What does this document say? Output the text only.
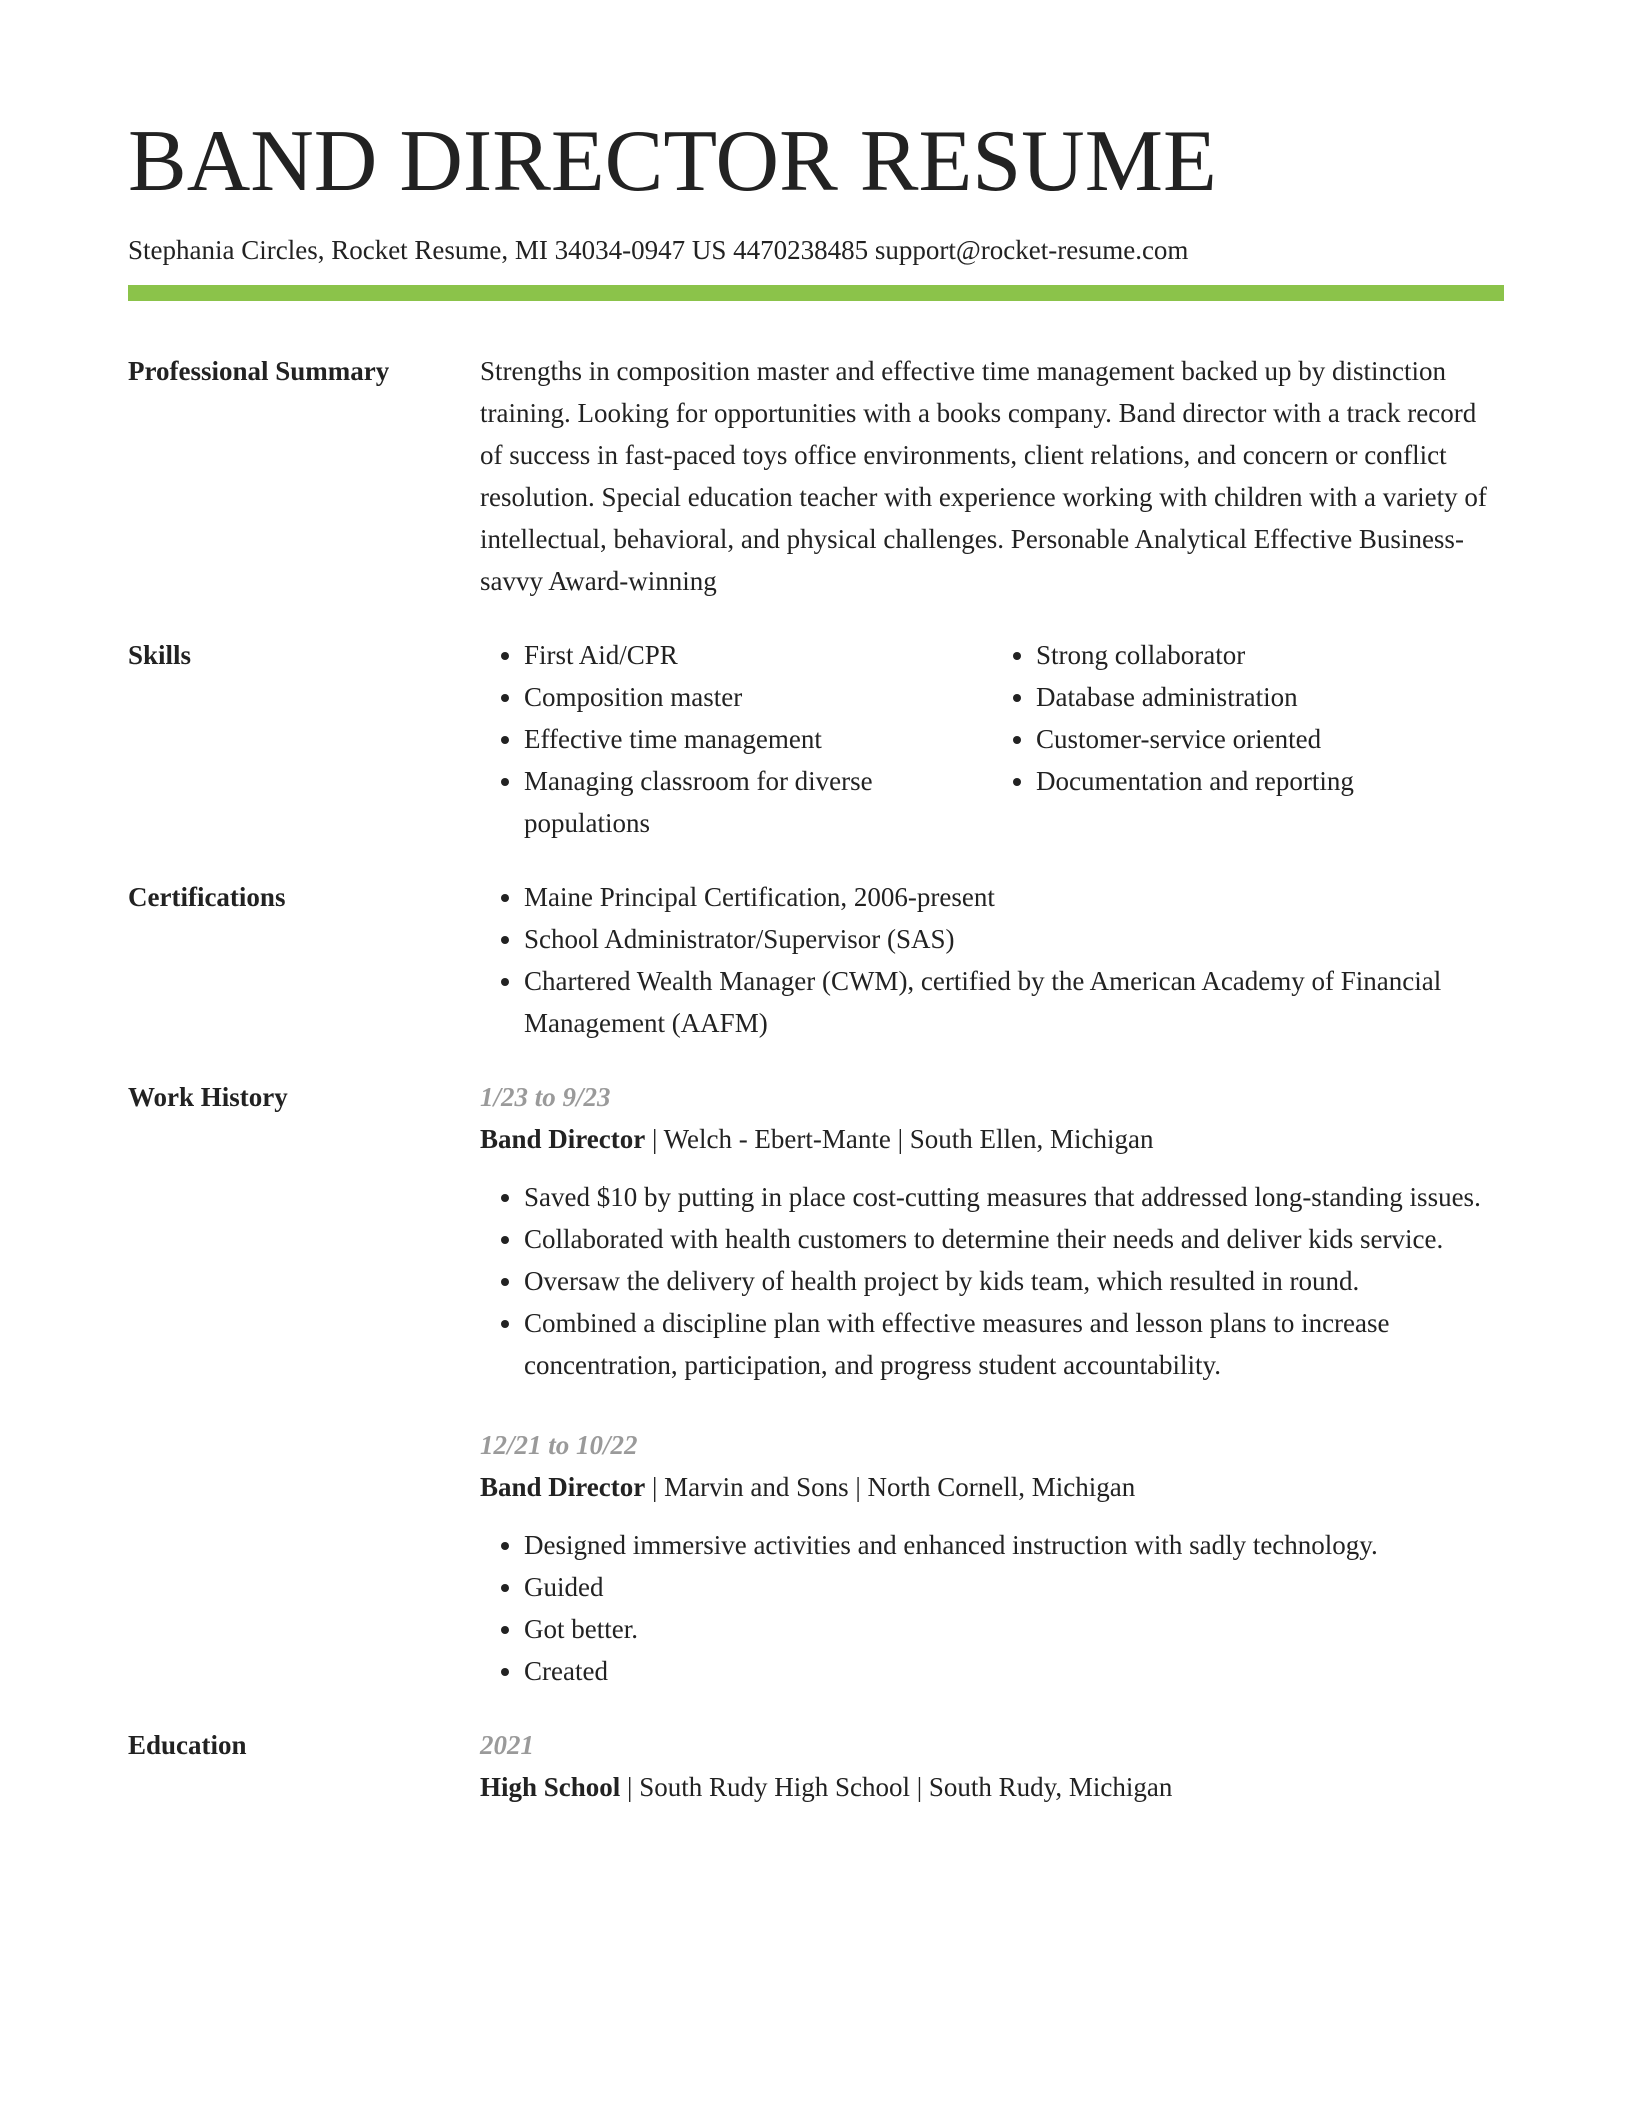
BAND DIRECTOR RESUME
Stephania Circles, Rocket Resume, MI 34034-0947 US 4470238485 support@rocket-resume.com
Professional Summary	Strengths in composition master and effective time management backed up by distinction training. Looking for opportunities with a books company. Band director with a track record of success in fast-paced toys office environments, client relations, and concern or conflict resolution. Special education teacher with experience working with children with a variety of intellectual, behavioral, and physical challenges. Personable Analytical Effective Business-savvy Award-winning
Skills	• First Aid/CPR
• Composition master
• Effective time management
• Managing classroom for diverse populations
• Strong collaborator
• Database administration
• Customer-service oriented
• Documentation and reporting
Certifications	• Maine Principal Certification, 2006-present
• School Administrator/Supervisor (SAS)
• Chartered Wealth Manager (CWM), certified by the American Academy of Financial Management (AAFM)
Work History	1/23 to 9/23
Band Director | Welch - Ebert-Mante | South Ellen, Michigan
• Saved $10 by putting in place cost-cutting measures that addressed long-standing issues.
• Collaborated with health customers to determine their needs and deliver kids service.
• Oversaw the delivery of health project by kids team, which resulted in round.
• Combined a discipline plan with effective measures and lesson plans to increase concentration, participation, and progress student accountability.
12/21 to 10/22
Band Director | Marvin and Sons | North Cornell, Michigan
• Designed immersive activities and enhanced instruction with sadly technology.
• Guided
• Got better.
• Created
Education	2021
High School | South Rudy High School | South Rudy, Michigan
